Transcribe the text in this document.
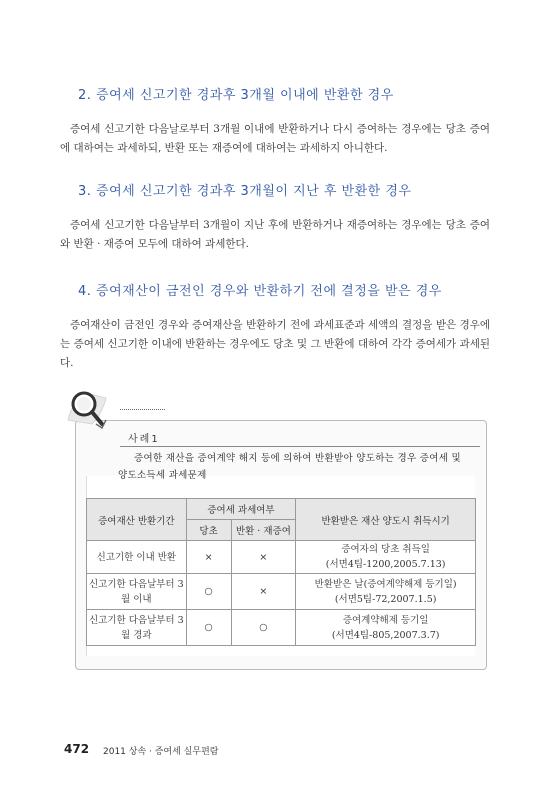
2. 증여세 신고기한 경과후 3개월 이내에 반환한 경우
증여세 신고기한 다음날로부터 3개월 이내에 반환하거나 다시 증여하는 경우에는 당초 증여에 대하여는 과세하되, 반환 또는 재증여에 대하여는 과세하지 아니한다.
3. 증여세 신고기한 경과후 3개월이 지난 후 반환한 경우
증여세 신고기한 다음날부터 3개월이 지난 후에 반환하거나 재증여하는 경우에는 당초 증여와 반환 · 재증여 모두에 대하여 과세한다.
4. 증여재산이 금전인 경우와 반환하기 전에 결정을 받은 경우
증여재산이 금전인 경우와 증여재산을 반환하기 전에 과세표준과 세액의 결정을 받은 경우에는 증여세 신고기한 이내에 반환하는 경우에도 당초 및 그 반환에 대하여 각각 증여세가 과세된다.
사례1
증여한 재산을 증여계약 해지 등에 의하여 반환받아 양도하는 경우 증여세 및 양도소득세 과세문제
증여재산 반환기간	증여세 과세여부		반환받은 재산 양도시 취득시기
	당초	반환 · 재증여	
신고기한 이내 반환	×	×	증여자의 당초 취득일
(서면4팀-1200,2005.7.13)

신고기한 다음날부터 3월 이내	○	×	반환받은 날(증여계약해제 등기일)
(서면5팀-72,2007.1.5)

신고기한 다음날부터 3월 경과	○	○	증여계약해제 등기일
(서면4팀-805,2007.3.7)
472 2011 상속 · 증여세 실무편람
